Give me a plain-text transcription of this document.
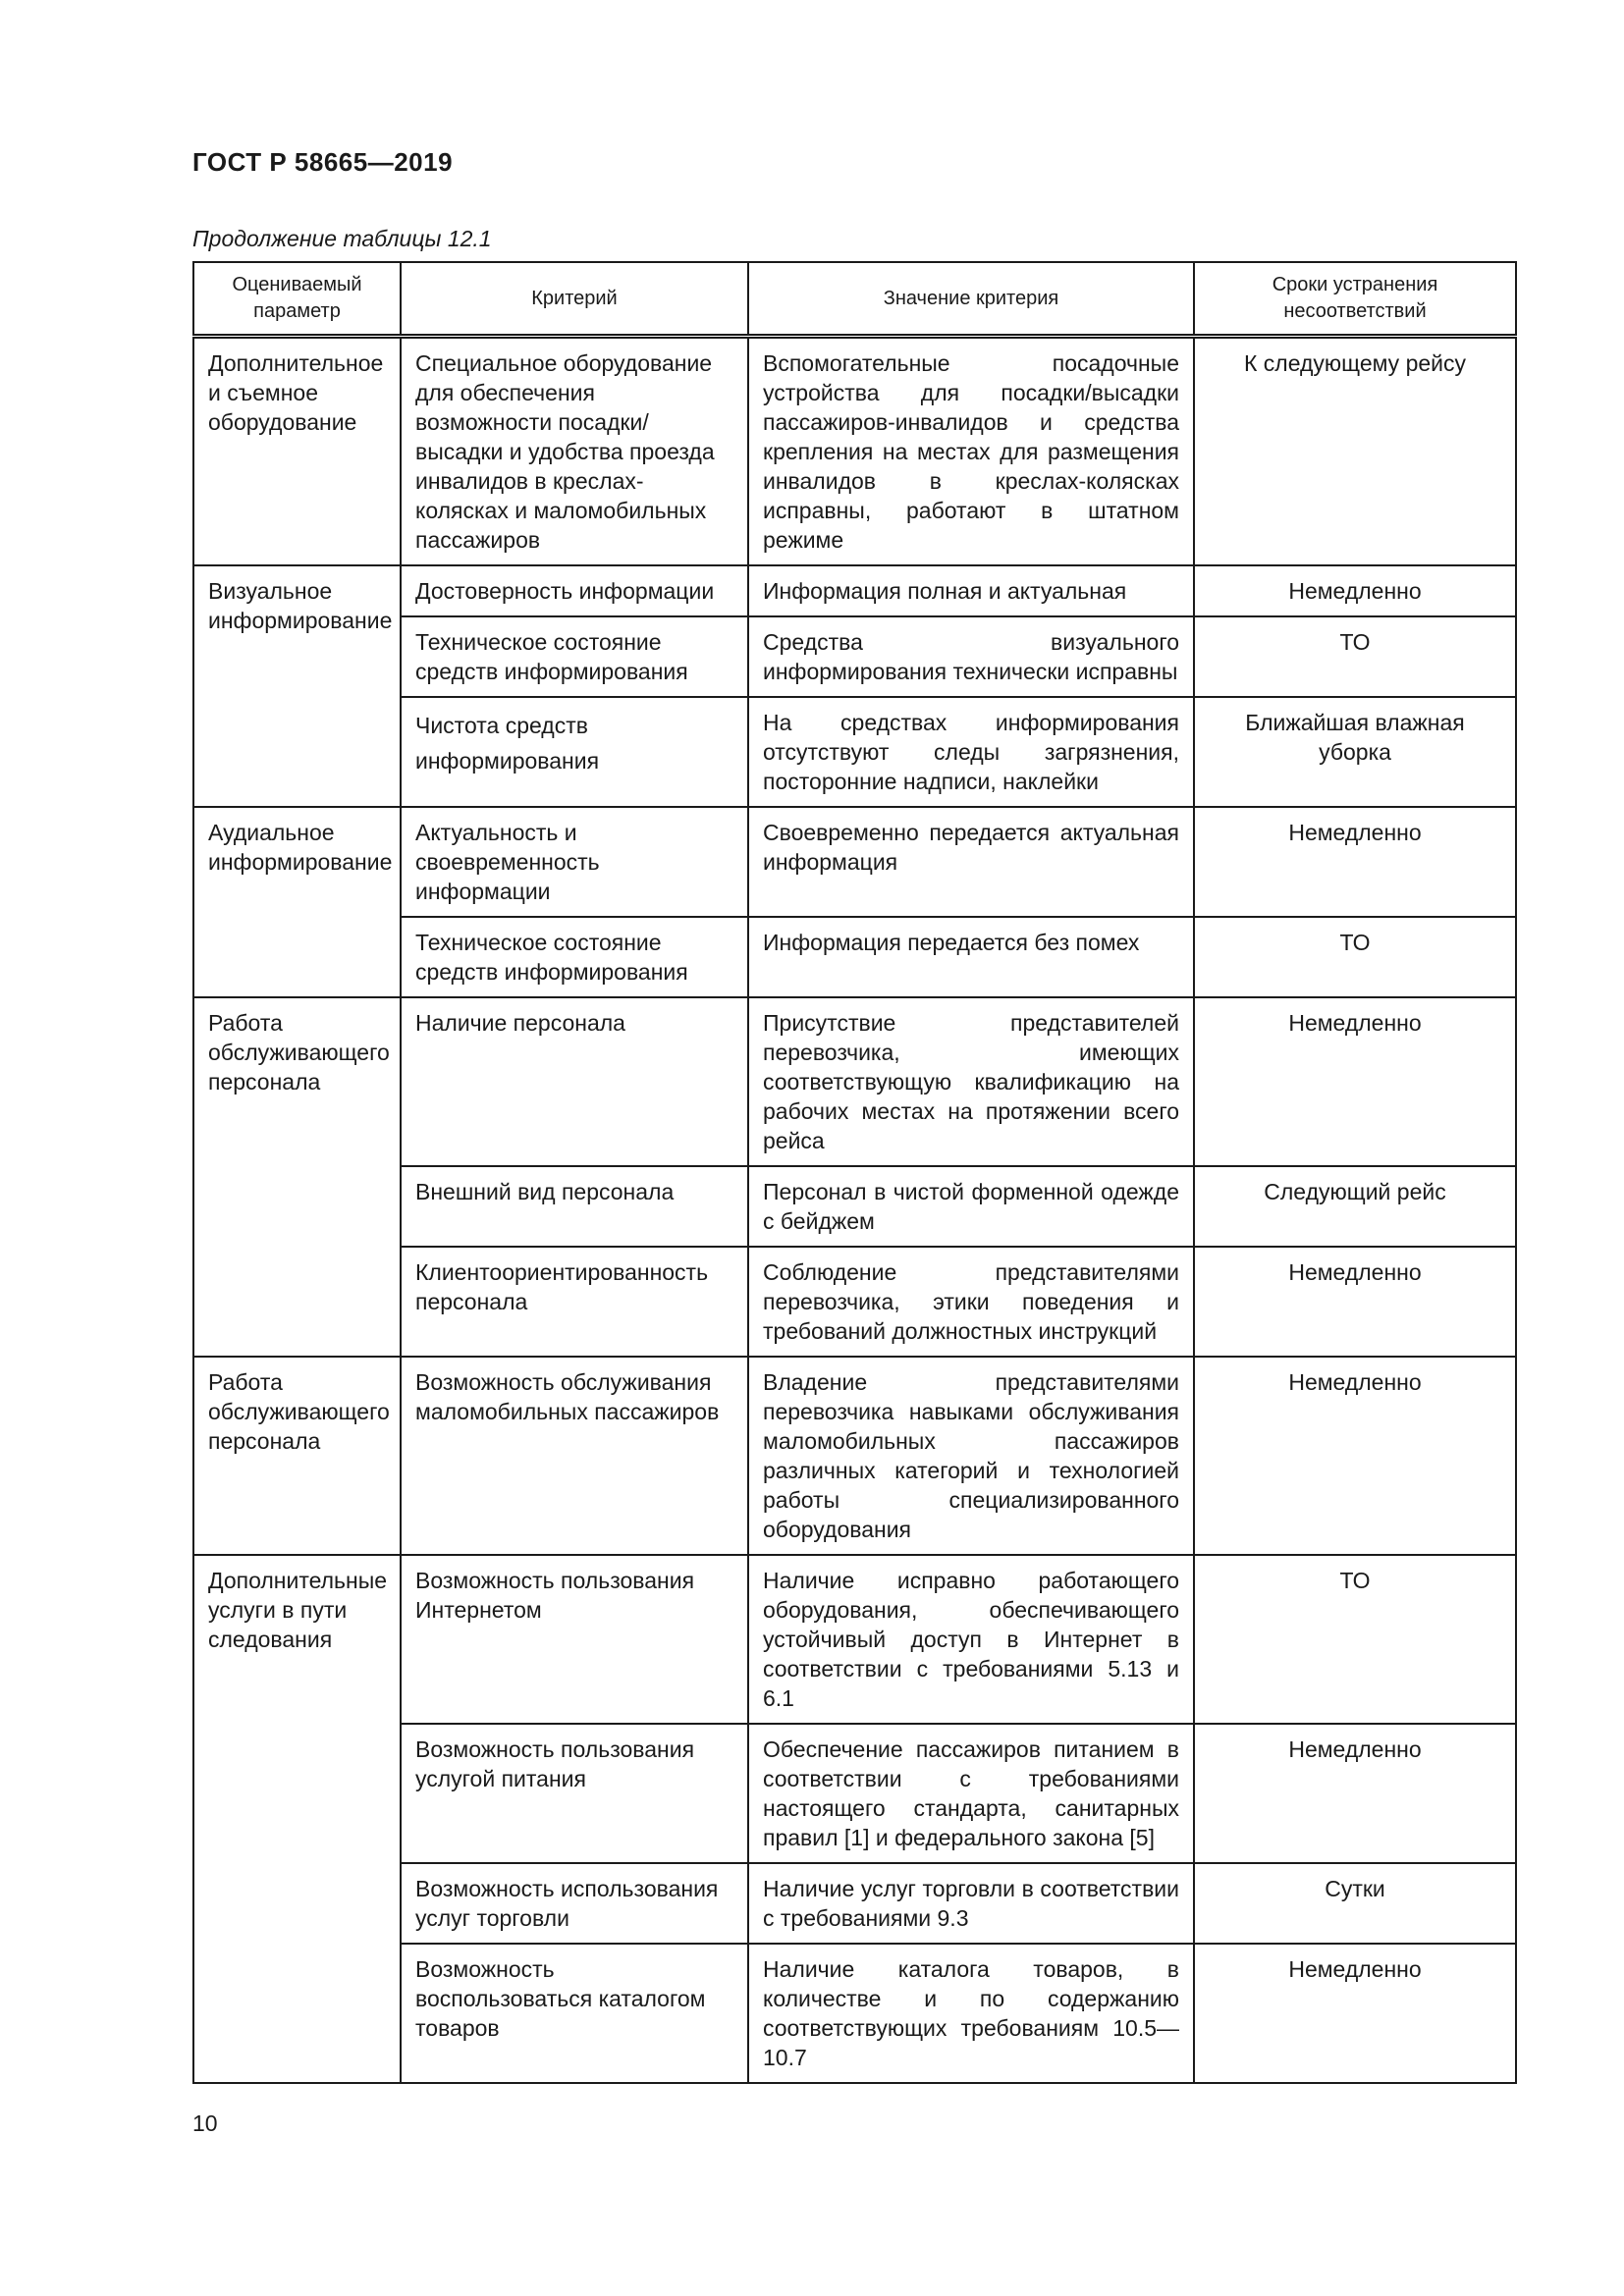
ГОСТ Р 58665—2019
Продолжение таблицы 12.1
Оцениваемый параметр	Критерий	Значение критерия	Сроки устранения несоответствий
Дополнительное и съемное оборудование	Специальное оборудование для обеспечения возможности посадки/высадки и удобства проезда инвалидов в креслах-колясках и маломобильных пассажиров	Вспомогательные посадочные устройства для посадки/высадки пассажиров-инвалидов и средства крепления на местах для размещения инвалидов в креслах-колясках исправны, работают в штатном режиме	К следующему рейсу
Визуальное информирование	Достоверность информации	Информация полная и актуальная	Немедленно
	Техническое состояние средств информирования	Средства визуального информирования технически исправны	ТО
	Чистота средств информирования	На средствах информирования отсутствуют следы загрязнения, посторонние надписи, наклейки	Ближайшая влажная уборка
Аудиальное информирование	Актуальность и своевременность информации	Своевременно передается актуальная информация	Немедленно
	Техническое состояние средств информирования	Информация передается без помех	ТО
Работа обслуживающего персонала	Наличие персонала	Присутствие представителей перевозчика, имеющих соответствующую квалификацию на рабочих местах на протяжении всего рейса	Немедленно
	Внешний вид персонала	Персонал в чистой форменной одежде с бейджем	Следующий рейс
	Клиентоориентированность персонала	Соблюдение представителями перевозчика, этики поведения и требований должностных инструкций	Немедленно
Работа обслуживающего персонала	Возможность обслуживания маломобильных пассажиров	Владение представителями перевозчика навыками обслуживания маломобильных пассажиров различных категорий и технологией работы специализированного оборудования	Немедленно
Дополнительные услуги в пути следования	Возможность пользования Интернетом	Наличие исправно работающего оборудования, обеспечивающего устойчивый доступ в Интернет в соответствии с требованиями 5.13 и 6.1	ТО
	Возможность пользования услугой питания	Обеспечение пассажиров питанием в соответствии с требованиями настоящего стандарта, санитарных правил [1] и федерального закона [5]	Немедленно
	Возможность использования услуг торговли	Наличие услуг торговли в соответствии с требованиями 9.3	Сутки
	Возможность воспользоваться каталогом товаров	Наличие каталога товаров, в количестве и по содержанию соответствующих требованиям 10.5—10.7	Немедленно
10
